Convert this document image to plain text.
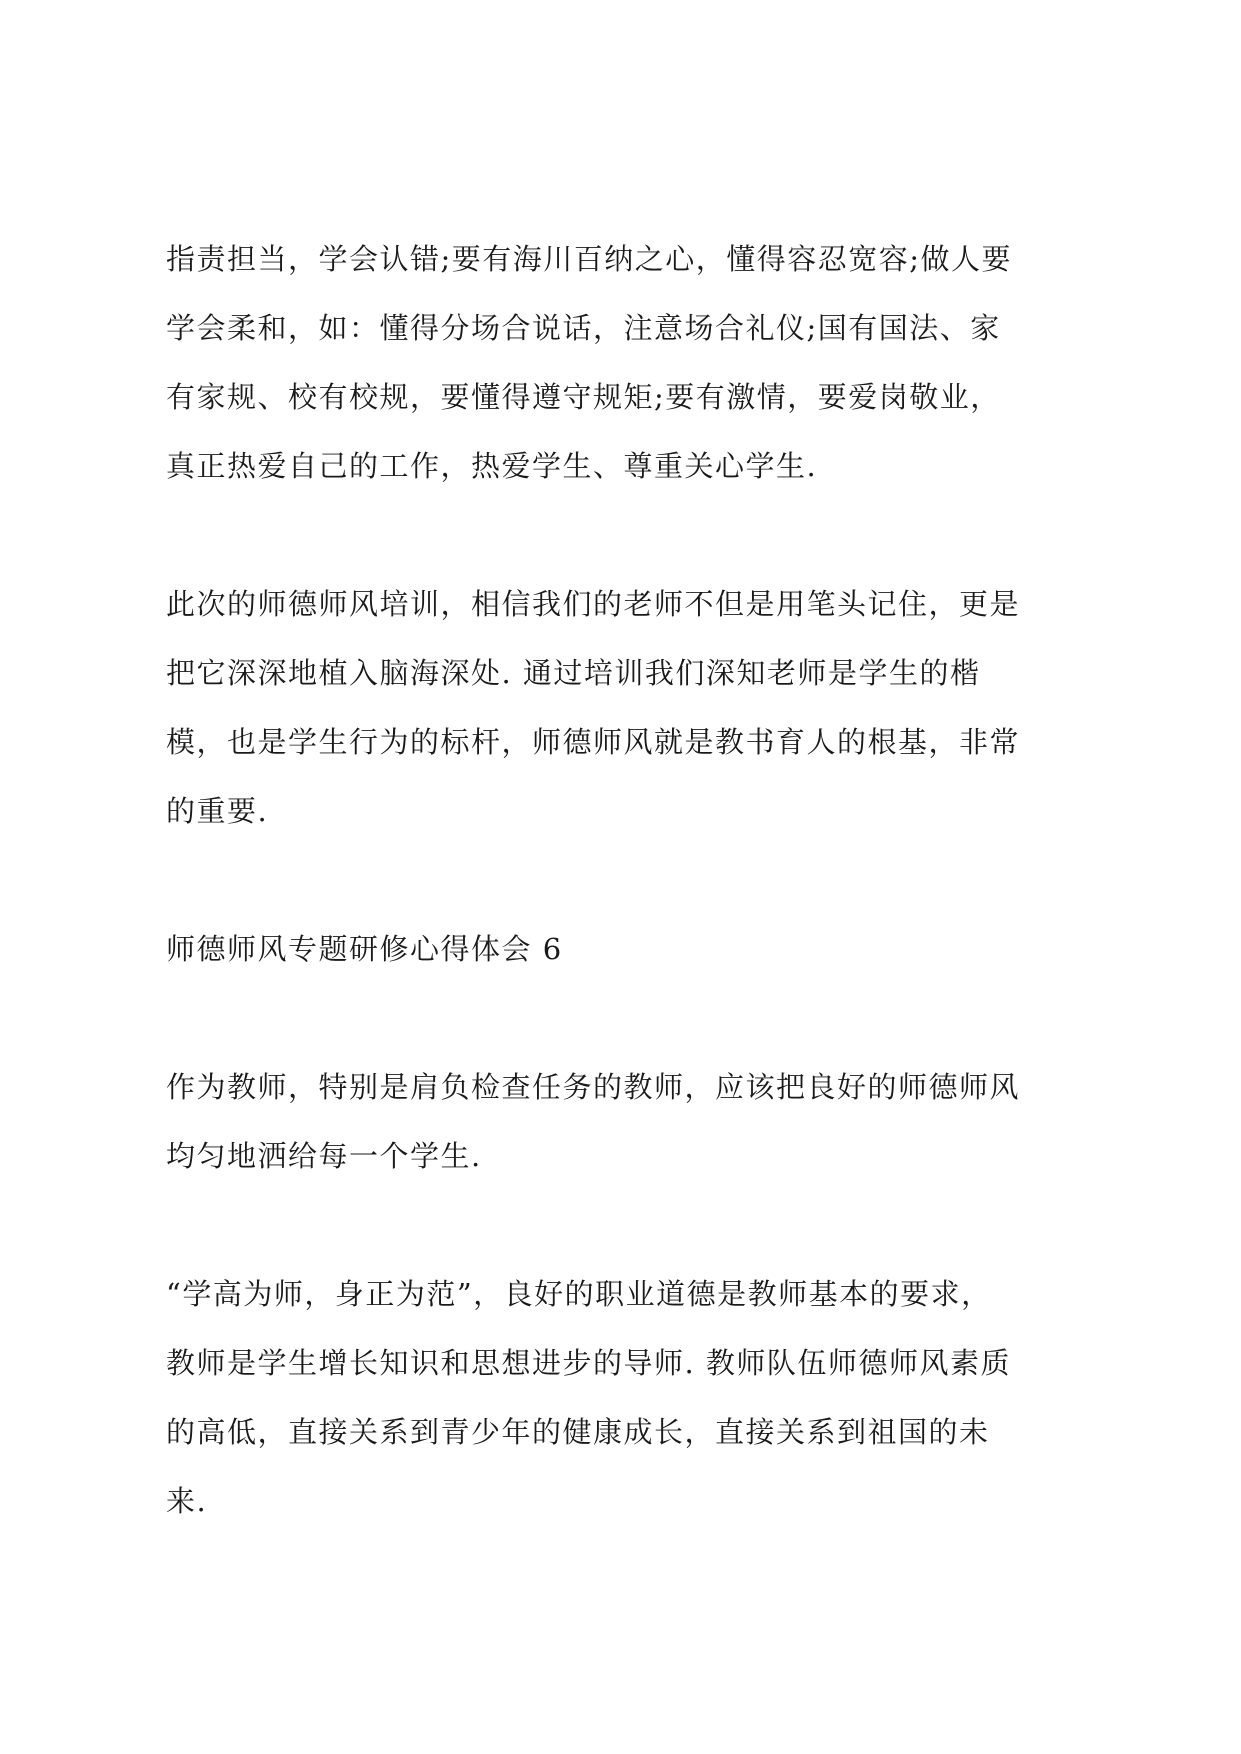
指责担当，学会认错;要有海川百纳之心，懂得容忍宽容;做人要
学会柔和，如：懂得分场合说话，注意场合礼仪;国有国法、家
有家规、校有校规，要懂得遵守规矩;要有激情，要爱岗敬业，
真正热爱自己的工作，热爱学生、尊重关心学生.

此次的师德师风培训，相信我们的老师不但是用笔头记住，更是
把它深深地植入脑海深处. 通过培训我们深知老师是学生的楷
模，也是学生行为的标杆，师德师风就是教书育人的根基，非常
的重要.

师德师风专题研修心得体会 6

作为教师，特别是肩负检查任务的教师，应该把良好的师德师风
均匀地洒给每一个学生.

“学高为师，身正为范”，良好的职业道德是教师基本的要求，
教师是学生增长知识和思想进步的导师. 教师队伍师德师风素质
的高低，直接关系到青少年的健康成长，直接关系到祖国的未
来.
